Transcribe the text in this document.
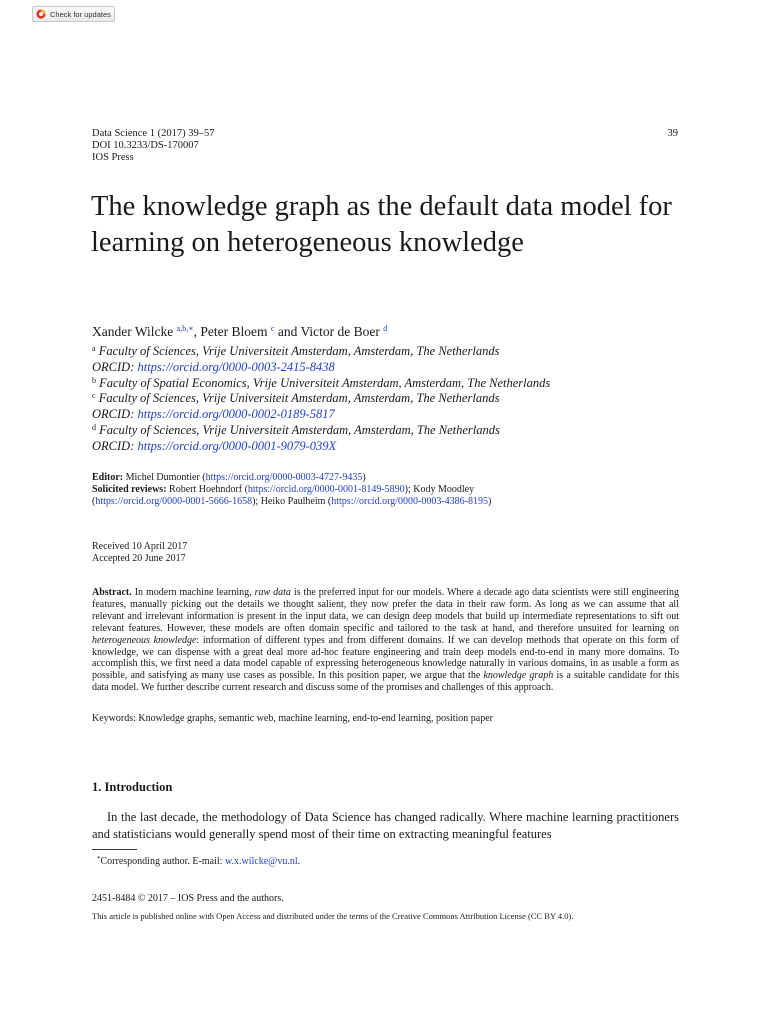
Check for updates
Data Science 1 (2017) 39–57
DOI 10.3233/DS-170007
IOS Press
39
The knowledge graph as the default data model for learning on heterogeneous knowledge
Xander Wilcke $^{a,b,∗}$, Peter Bloem $^c$ and Victor de Boer $^d$
$^a$ Faculty of Sciences, Vrije Universiteit Amsterdam, Amsterdam, The Netherlands
ORCID: https://orcid.org/0000-0003-2415-8438
$^b$ Faculty of Spatial Economics, Vrije Universiteit Amsterdam, Amsterdam, The Netherlands
$^c$ Faculty of Sciences, Vrije Universiteit Amsterdam, Amsterdam, The Netherlands
ORCID: https://orcid.org/0000-0002-0189-5817
$^d$ Faculty of Sciences, Vrije Universiteit Amsterdam, Amsterdam, The Netherlands
ORCID: https://orcid.org/0000-0001-9079-039X
Editor: Michel Dumontier (https://orcid.org/0000-0003-4727-9435)
Solicited reviews: Robert Hoehndorf (https://orcid.org/0000-0001-8149-5890); Kody Moodley
(https://orcid.org/0000-0001-5666-1658); Heiko Paulheim (https://orcid.org/0000-0003-4386-8195)
Received 10 April 2017
Accepted 20 June 2017

Abstract. In modern machine learning, raw data is the preferred input for our models. Where a decade ago data scientists were still engineering features, manually picking out the details we thought salient, they now prefer the data in their raw form. As long as we can assume that all relevant and irrelevant information is present in the input data, we can design deep models that build up intermediate representations to sift out relevant features. However, these models are often domain specific and tailored to the task at hand, and therefore unsuited for learning on heterogeneous knowledge: information of different types and from different domains. If we can develop methods that operate on this form of knowledge, we can dispense with a great deal more ad-hoc feature engineering and train deep models end-to-end in many more domains. To accomplish this, we first need a data model capable of expressing heterogeneous knowledge naturally in various domains, in as usable a form as possible, and satisfying as many use cases as possible. In this position paper, we argue that the knowledge graph is a suitable candidate for this data model. We further describe current research and discuss some of the promises and challenges of this approach.

Keywords: Knowledge graphs, semantic web, machine learning, end-to-end learning, position paper
1. Introduction

In the last decade, the methodology of Data Science has changed radically. Where machine learning practitioners and statisticians would generally spend most of their time on extracting meaningful features

*Corresponding author. E-mail: w.x.wilcke@vu.nl.
2451-8484 © 2017 – IOS Press and the authors.
This article is published online with Open Access and distributed under the terms of the Creative Commons Attribution License (CC BY 4.0).
